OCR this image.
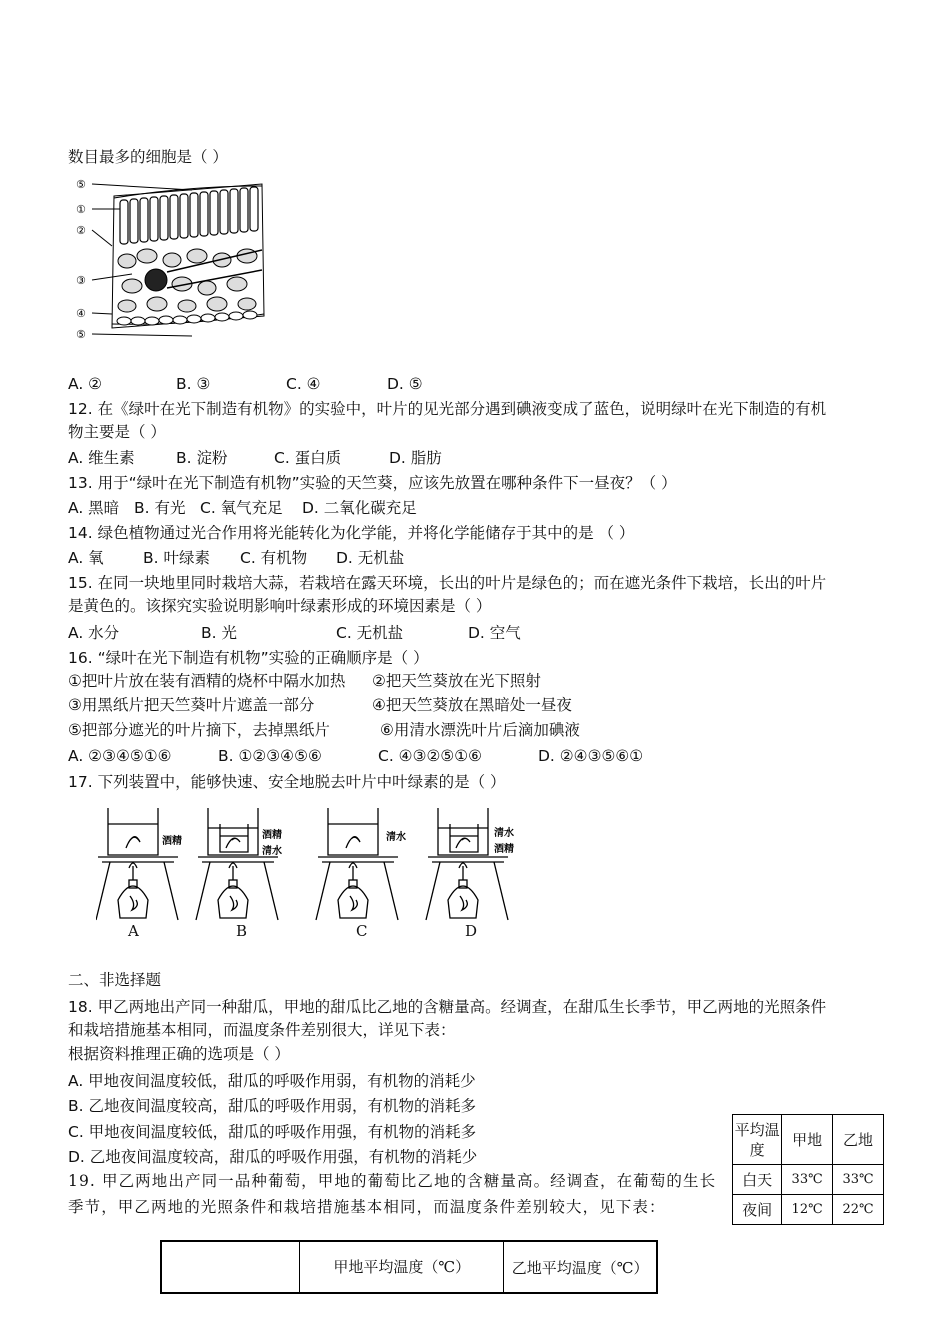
数目最多的细胞是（ ）
⑤
①
②
③
④
⑤
A. ②	B. ③	C. ④	D. ⑤
12. 在《绿叶在光下制造有机物》的实验中，叶片的见光部分遇到碘液变成了蓝色，说明绿叶在光下制造的有机
物主要是（ ）
A. 维生素	B. 淀粉	C. 蛋白质	D. 脂肪
13. 用于“绿叶在光下制造有机物”实验的天竺葵，应该先放置在哪种条件下一昼夜？（ ）
A. 黑暗 B. 有光 C. 氧气充足 D. 二氧化碳充足
14. 绿色植物通过光合作用将光能转化为化学能，并将化学能储存于其中的是 （ ）
A. 氧	B. 叶绿素 C. 有机物 D. 无机盐
15. 在同一块地里同时栽培大蒜，若栽培在露天环境，长出的叶片是绿色的；而在遮光条件下栽培，长出的叶片
是黄色的。该探究实验说明影响叶绿素形成的环境因素是（ ）
A. 水分	B. 光	C. 无机盐	D. 空气
16. “绿叶在光下制造有机物”实验的正确顺序是（ ）
①把叶片放在装有酒精的烧杯中隔水加热 ②把天竺葵放在光下照射
③用黑纸片把天竺葵叶片遮盖一部分	④把天竺葵放在黑暗处一昼夜
⑤把部分遮光的叶片摘下，去掉黑纸片	⑥用清水漂洗叶片后滴加碘液
A. ②③④⑤①⑥	B. ①②③④⑤⑥	C. ④③②⑤①⑥	D. ②④③⑤⑥①
17. 下列装置中，能够快速、安全地脱去叶片中叶绿素的是（ ）
酒精
酒精
清水
清水	清水
酒精
A	B	C	D
二、非选择题
18. 甲乙两地出产同一种甜瓜，甲地的甜瓜比乙地的含糖量高。经调查，在甜瓜生长季节，甲乙两地的光照条件
和栽培措施基本相同，而温度条件差别很大，详见下表：
根据资料推理正确的选项是（ ）
A. 甲地夜间温度较低，甜瓜的呼吸作用弱，有机物的消耗少
B. 乙地夜间温度较高，甜瓜的呼吸作用弱，有机物的消耗多
C. 甲地夜间温度较低，甜瓜的呼吸作用强，有机物的消耗多
D. 乙地夜间温度较高，甜瓜的呼吸作用强，有机物的消耗少
平均温度	甲地	乙地
白天	33℃	33℃
夜间	12℃	22℃
19. 甲乙两地出产同一品种葡萄，甲地的葡萄比乙地的含糖量高。经调查，在葡萄的生长
季节，甲乙两地的光照条件和栽培措施基本相同，而温度条件差别较大，见下表：
	甲地平均温度（℃）	乙地平均温度（℃）
